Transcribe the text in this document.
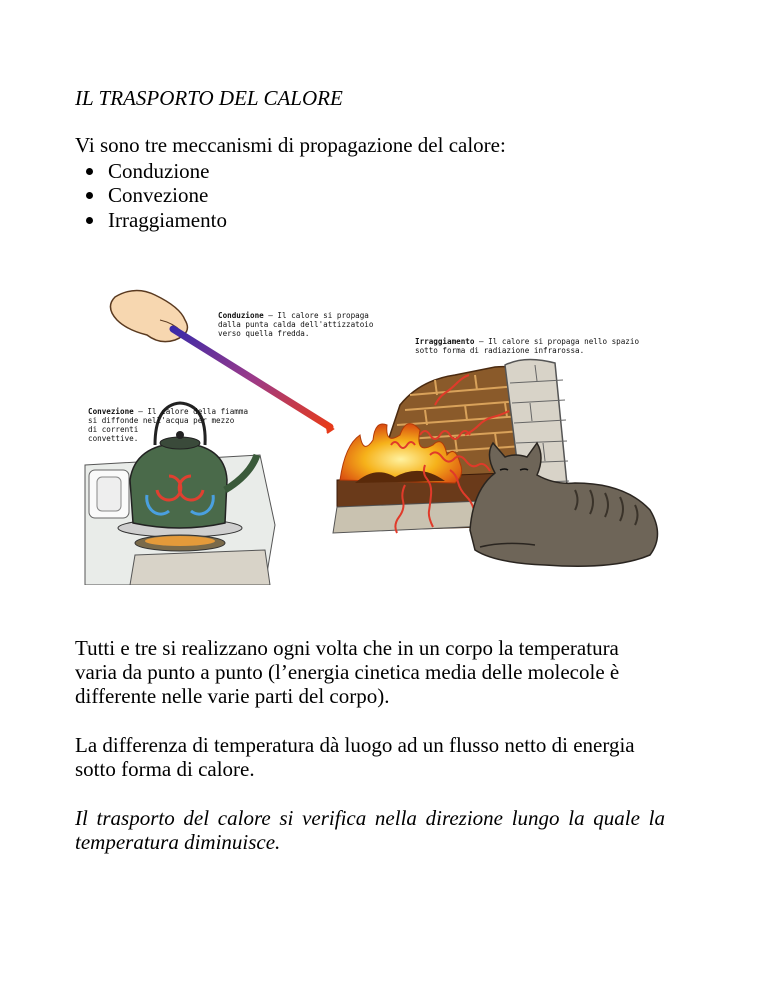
IL TRASPORTO DEL CALORE

Vi sono tre meccanismi di propagazione del calore:

Conduzione
Convezione
Irraggiamento
Conduzione – Il calore si propaga
dalla punta calda dell'attizzatoio
verso quella fredda.
Irraggiamento – Il calore si propaga nello spazio
sotto forma di radiazione infrarossa.
Convezione – Il calore della fiamma
si diffonde nell'acqua per mezzo
di correnti
convettive.

Tutti e tre si realizzano ogni volta che in un corpo la temperatura varia da punto a punto (l’energia cinetica media delle molecole è differente nelle varie parti del corpo).

La differenza di temperatura dà luogo ad un flusso netto di energia sotto forma di calore.

Il trasporto del calore si verifica nella direzione lungo la quale la temperatura diminuisce.
